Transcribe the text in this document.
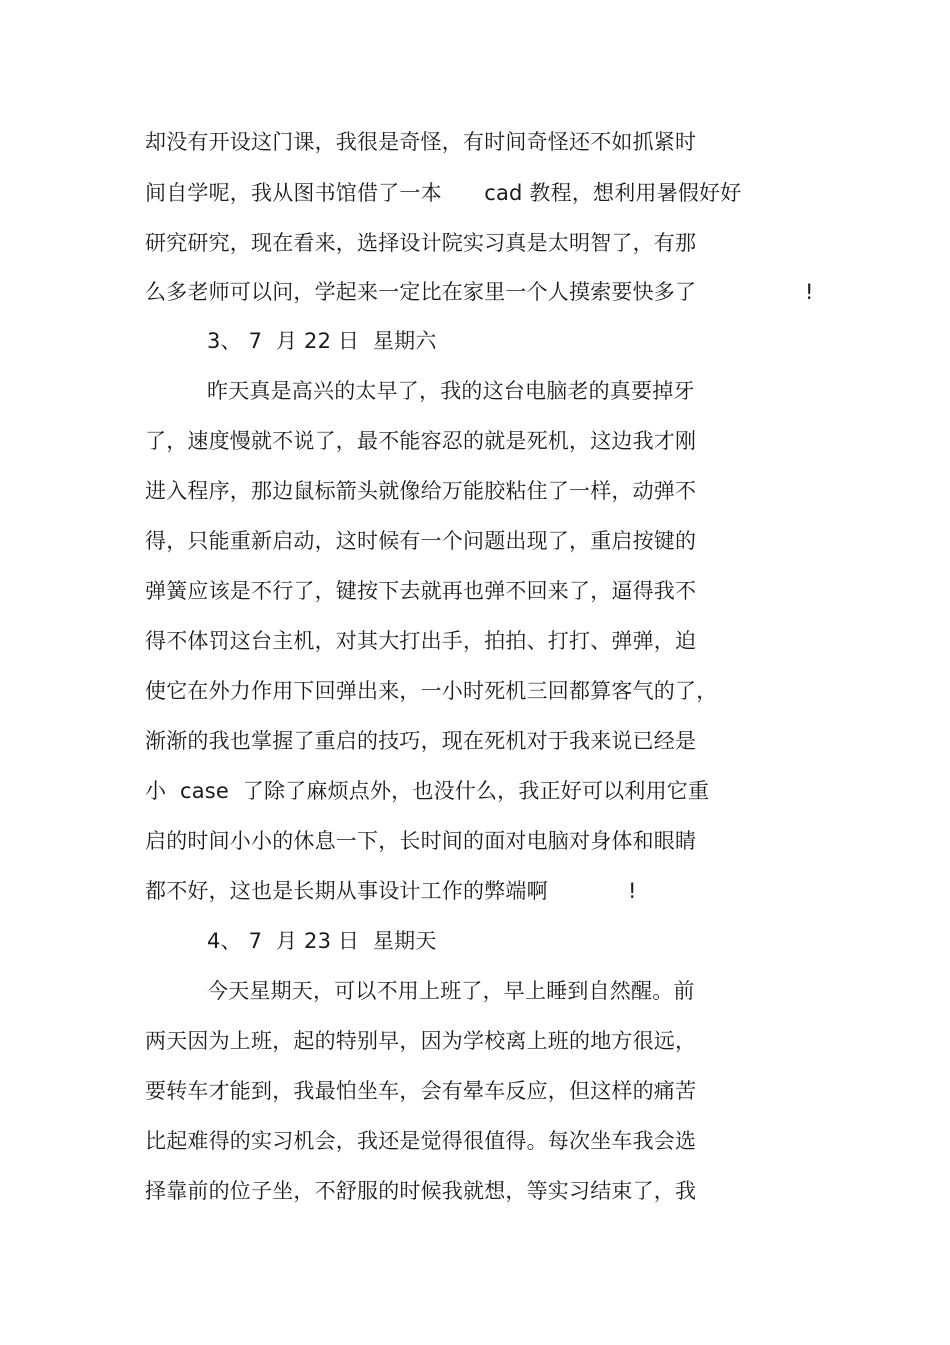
却没有开设这门课，我很是奇怪，有时间奇怪还不如抓紧时
间自学呢，我从图书馆借了一本　　cad 教程，想利用暑假好好
研究研究，现在看来，选择设计院实习真是太明智了，有那
么多老师可以问，学起来一定比在家里一个人摸索要快多了	!
3、 7  月 22 日  星期六
昨天真是高兴的太早了，我的这台电脑老的真要掉牙
了，速度慢就不说了，最不能容忍的就是死机，这边我才刚
进入程序，那边鼠标箭头就像给万能胶粘住了一样，动弹不
得，只能重新启动，这时候有一个问题出现了，重启按键的
弹簧应该是不行了，键按下去就再也弹不回来了，逼得我不
得不体罚这台主机，对其大打出手，拍拍、打打、弹弹，迫
使它在外力作用下回弹出来，一小时死机三回都算客气的了，
渐渐的我也掌握了重启的技巧，现在死机对于我来说已经是
小  case  了除了麻烦点外，也没什么，我正好可以利用它重
启的时间小小的休息一下，长时间的面对电脑对身体和眼睛
都不好，这也是长期从事设计工作的弊端啊	!
4、 7  月 23 日  星期天
今天星期天，可以不用上班了，早上睡到自然醒。前
两天因为上班，起的特别早，因为学校离上班的地方很远，
要转车才能到，我最怕坐车，会有晕车反应，但这样的痛苦
比起难得的实习机会，我还是觉得很值得。每次坐车我会选
择靠前的位子坐，不舒服的时候我就想，等实习结束了，我
